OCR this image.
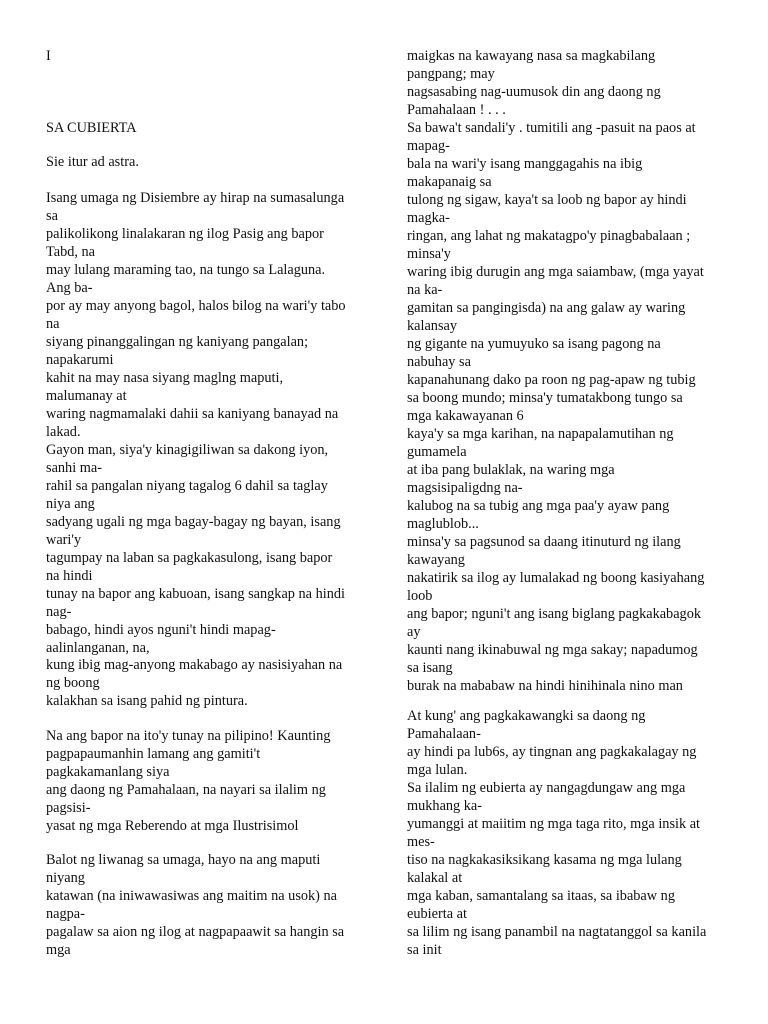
I
SA CUBIERTA
Sie itur ad astra.
Isang umaga ng Disiembre ay hirap na sumasalunga
sa
palikolikong linalakaran ng ilog Pasig ang bapor
Tabd, na
may lulang maraming tao, na tungo sa Lalaguna.
Ang ba-
por ay may anyong bagol, halos bilog na wari'y tabo
na
siyang pinanggalingan ng kaniyang pangalan;
napakarumi
kahit na may nasa siyang maglng maputi,
malumanay at
waring nagmamalaki dahii sa kaniyang banayad na
lakad.
Gayon man, siya'y kinagigiliwan sa dakong iyon,
sanhi ma-
rahil sa pangalan niyang tagalog 6 dahil sa taglay
niya ang
sadyang ugali ng mga bagay-bagay ng bayan, isang
wari'y
tagumpay na laban sa pagkakasulong, isang bapor
na hindi
tunay na bapor ang kabuoan, isang sangkap na hindi
nag-
babago, hindi ayos nguni't hindi mapag-
aalinlanganan, na,
kung ibig mag-anyong makabago ay nasisiyahan na
ng boong
kalakhan sa isang pahid ng pintura.
Na ang bapor na ito'y tunay na pilipino! Kaunting
pagpapaumanhin lamang ang gamiti't
pagkakamanlang siya
ang daong ng Pamahalaan, na nayari sa ilalim ng
pagsisi-
yasat ng mga Reberendo at mga Ilustrisimol
Balot ng liwanag sa umaga, hayo na ang maputi
niyang
katawan (na iniwawasiwas ang maitim na usok) na
nagpa-
pagalaw sa aion ng ilog at nagpapaawit sa hangin sa
mga
maigkas na kawayang nasa sa magkabilang
pangpang; may
nagsasabing nag-uumusok din ang daong ng
Pamahalaan ! . . .
Sa bawa't sandali'y . tumitili ang -pasuit na paos at
mapag-
bala na wari'y isang manggagahis na ibig
makapanaig sa
tulong ng sigaw, kaya't sa loob ng bapor ay hindi
magka-
ringan, ang lahat ng makatagpo'y pinagbabalaan ;
minsa'y
waring ibig durugin ang mga saiambaw, (mga yayat
na ka-
gamitan sa pangingisda) na ang galaw ay waring
kalansay
ng gigante na yumuyuko sa isang pagong na
nabuhay sa
kapanahunang dako pa roon ng pag-apaw ng tubig
sa boong mundo; minsa'y tumatakbong tungo sa
mga kakawayanan 6
kaya'y sa mga karihan, na napapalamutihan ng
gumamela
at iba pang bulaklak, na waring mga
magsisipaligdng na-
kalubog na sa tubig ang mga paa'y ayaw pang
maglublob...
minsa'y sa pagsunod sa daang itinuturd ng ilang
kawayang
nakatirik sa ilog ay lumalakad ng boong kasiyahang
loob
ang bapor; nguni't ang isang biglang pagkakabagok
ay
kaunti nang ikinabuwal ng mga sakay; napadumog
sa isang
burak na mababaw na hindi hinihinala nino man
At kung' ang pagkakawangki sa daong ng
Pamahalaan-
ay hindi pa lub6s, ay tingnan ang pagkakalagay ng
mga lulan.
Sa ilalim ng eubierta ay nangagdungaw ang mga
mukhang ka-
yumanggi at maiitim ng mga taga rito, mga insik at
mes-
tiso na nagkakasiksikang kasama ng mga lulang
kalakal at
mga kaban, samantalang sa itaas, sa ibabaw ng
eubierta at
sa lilim ng isang panambil na nagtatanggol sa kanila
sa init
